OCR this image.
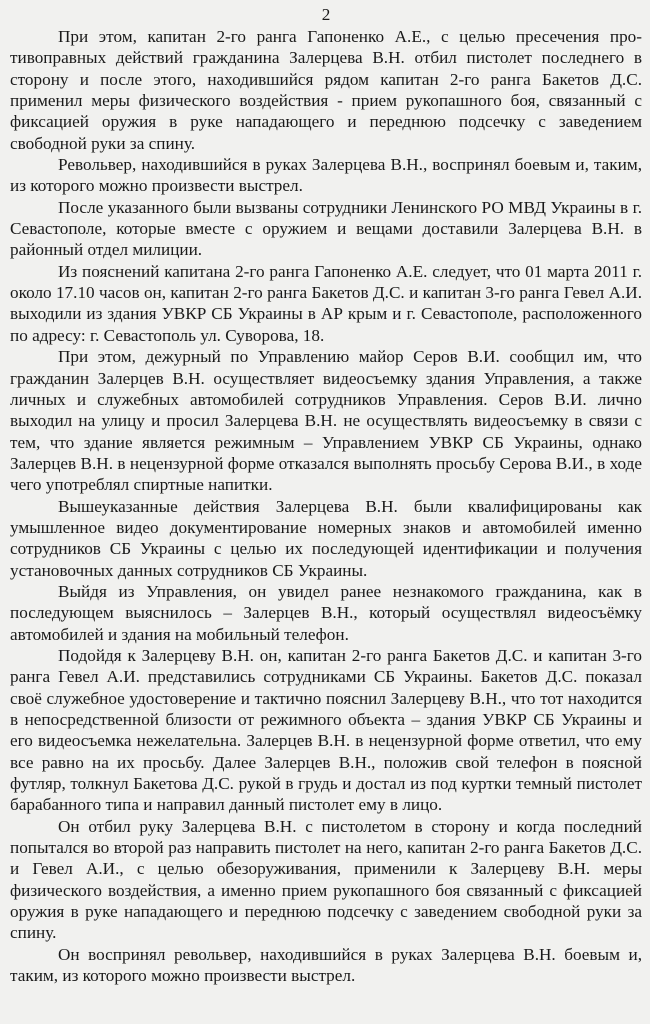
2

При этом, капитан 2-го ранга Гапоненко А.Е., с целью пресечения противоправных действий гражданина Залерцева В.Н. отбил пистолет последнего в сторону и после этого, находившийся рядом капитан 2-го ранга Бакетов Д.С. применил меры физического воздействия - прием рукопашного боя, связанный с фиксацией оружия в руке нападающего и переднюю подсечку с заведением свободной руки за спину.

Револьвер, находившийся в руках Залерцева В.Н., воспринял боевым и, таким, из которого можно произвести выстрел.

После указанного были вызваны сотрудники Ленинского РО МВД Украины в г. Севастополе, которые вместе с оружием и вещами доставили Залерцева В.Н. в районный отдел милиции.

Из пояснений капитана 2-го ранга Гапоненко А.Е. следует, что 01 марта 2011 г. около 17.10 часов он, капитан 2-го ранга Бакетов Д.С. и капитан 3-го ранга Гевел А.И. выходили из здания УВКР СБ Украины в АР крым и г. Севастополе, расположенного по адресу: г. Севастополь ул. Суворова, 18.

При этом, дежурный по Управлению майор Серов В.И. сообщил им, что гражданин Залерцев В.Н. осуществляет видеосъемку здания Управления, а также личных и служебных автомобилей сотрудников Управления. Серов В.И. лично выходил на улицу и просил Залерцева В.Н. не осуществлять видеосъемку в связи с тем, что здание является режимным – Управлением УВКР СБ Украины, однако Залерцев В.Н. в нецензурной форме отказался выполнять просьбу Серова В.И., в ходе чего употреблял спиртные напитки.

Вышеуказанные действия Залерцева В.Н. были квалифицированы как умышленное видео документирование номерных знаков и автомобилей именно сотрудников СБ Украины с целью их последующей идентификации и получения установочных данных сотрудников СБ Украины.

Выйдя из Управления, он увидел ранее незнакомого гражданина, как в последующем выяснилось – Залерцев В.Н., который осуществлял видеосъёмку автомобилей и здания на мобильный телефон.

Подойдя к Залерцеву В.Н. он, капитан 2-го ранга Бакетов Д.С. и капитан 3-го ранга Гевел А.И. представились сотрудниками СБ Украины. Бакетов Д.С. показал своё служебное удостоверение и тактично пояснил Залерцеву В.Н., что тот находится в непосредственной близости от режимного объекта – здания УВКР СБ Украины и его видеосъемка нежелательна. Залерцев В.Н. в нецензурной форме ответил, что ему все равно на их просьбу. Далее Залерцев В.Н., положив свой телефон в поясной футляр, толкнул Бакетова Д.С. рукой в грудь и достал из под куртки темный пистолет барабанного типа и направил данный пистолет ему в лицо.

Он отбил руку Залерцева В.Н. с пистолетом в сторону и когда последний попытался во второй раз направить пистолет на него, капитан 2-го ранга Бакетов Д.С. и Гевел А.И., с целью обезоруживания, применили к Залерцеву В.Н. меры физического воздействия, а именно прием рукопашного боя связанный с фиксацией оружия в руке нападающего и переднюю подсечку с заведением свободной руки за спину.

Он воспринял револьвер, находившийся в руках Залерцева В.Н. боевым и, таким, из которого можно произвести выстрел.
